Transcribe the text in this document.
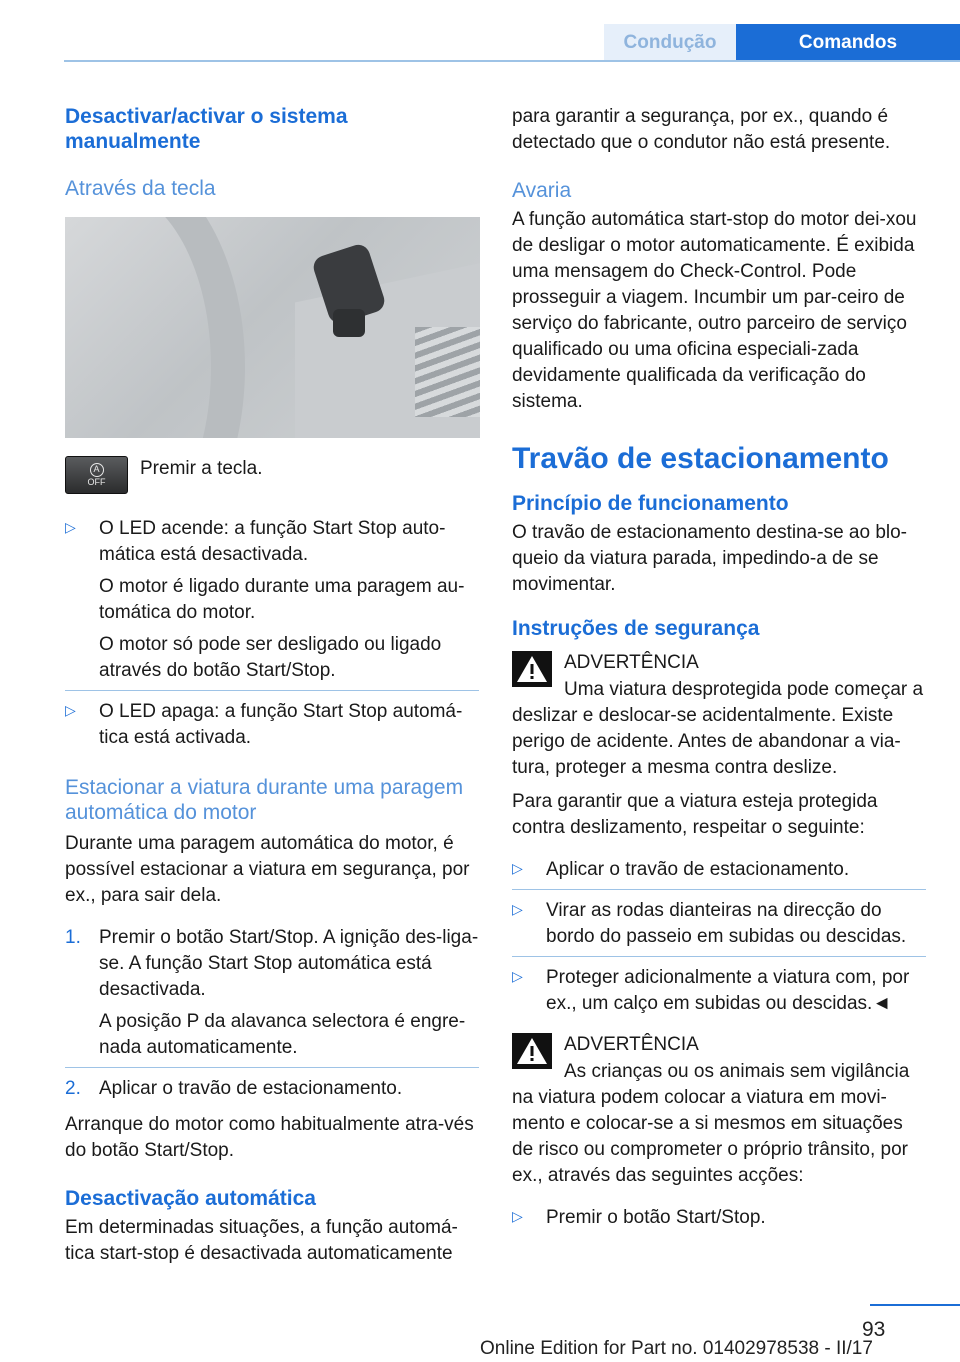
Condução	Comandos
Desactivar/activar o sistema manualmente
Através da tecla
A
OFF

Premir a tecla.

▷	O LED acende: a função Start Stop auto-mática está desactivada.

O motor é ligado durante uma paragem au-tomática do motor.

O motor só pode ser desligado ou ligado através do botão Start/Stop.

▷	O LED apaga: a função Start Stop automá-tica está activada.

Estacionar a viatura durante uma paragem automática do motor

Durante uma paragem automática do motor, é possível estacionar a viatura em segurança, por ex., para sair dela.

1. Premir o botão Start/Stop. A ignição des-liga-se. A função Start Stop automática está desactivada.

A posição P da alavanca selectora é engre-nada automaticamente.

2. Aplicar o travão de estacionamento.

Arranque do motor como habitualmente atra-vés do botão Start/Stop.

Desactivação automática

Em determinadas situações, a função automá-tica start-stop é desactivada automaticamente

para garantir a segurança, por ex., quando é detectado que o condutor não está presente.

Avaria

A função automática start-stop do motor dei-xou de desligar o motor automaticamente. É exibida uma mensagem do Check-Control. Pode prosseguir a viagem. Incumbir um par-ceiro de serviço do fabricante, outro parceiro de serviço qualificado ou uma oficina especiali-zada devidamente qualificada da verificação do sistema.

Travão de estacionamento
Princípio de funcionamento

O travão de estacionamento destina-se ao blo-queio da viatura parada, impedindo-a de se movimentar.

Instruções de segurança
ADVERTÊNCIA

Uma viatura desprotegida pode começar a deslizar e deslocar-se acidentalmente. Existe perigo de acidente. Antes de abandonar a via-tura, proteger a mesma contra deslize.

Para garantir que a viatura esteja protegida contra deslizamento, respeitar o seguinte:

▷	Aplicar o travão de estacionamento.

▷	Virar as rodas dianteiras na direcção do bordo do passeio em subidas ou descidas.

▷	Proteger adicionalmente a viatura com, por ex., um calço em subidas ou descidas.◄

ADVERTÊNCIA

As crianças ou os animais sem vigilância na viatura podem colocar a viatura em movi-mento e colocar-se a si mesmos em situações de risco ou comprometer o próprio trânsito, por ex., através das seguintes acções:

▷	Premir o botão Start/Stop.

93
Online Edition for Part no. 01402978538 - II/17
